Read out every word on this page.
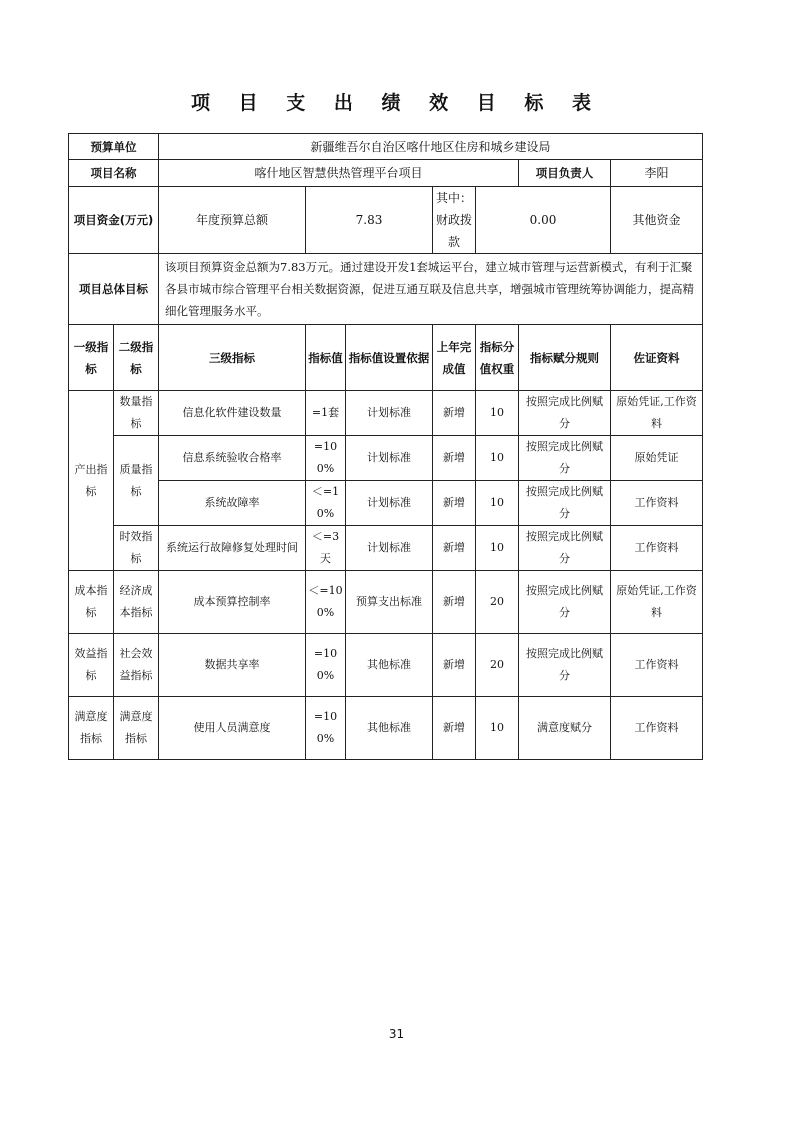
项 目 支 出 绩 效 目 标 表
预算单位		新疆维吾尔自治区喀什地区住房和城乡建设局						
项目名称		喀什地区智慧供热管理平台项目					项目负责人	李阳
项目资金(万元)		年度预算总额	7.83		其中：财政拨款	0.00		其他资金
项目总体目标		该项目预算资金总额为7.83万元。通过建设开发1套城运平台，建立城市管理与运营新模式，有利于汇聚各县市城市综合管理平台相关数据资源，促进互通互联及信息共享，增强城市管理统筹协调能力，提高精细化管理服务水平。						
一级指标	二级指标	三级指标	指标值	指标值设置依据	上年完成值	指标分值权重	指标赋分规则	佐证资料
产出指标	数量指标	信息化软件建设数量	=1套	计划标准	新增	10	按照完成比例赋分	原始凭证,工作资料
	质量指标	信息系统验收合格率	=100%	计划标准	新增	10	按照完成比例赋分	原始凭证
		系统故障率	＜=10%	计划标准	新增	10	按照完成比例赋分	工作资料
	时效指标	系统运行故障修复处理时间	＜=3天	计划标准	新增	10	按照完成比例赋分	工作资料
成本指标	经济成本指标	成本预算控制率	＜=100%	预算支出标准	新增	20	按照完成比例赋分	原始凭证,工作资料
效益指标	社会效益指标	数据共享率	=100%	其他标准	新增	20	按照完成比例赋分	工作资料
满意度指标	满意度指标	使用人员满意度	=100%	其他标准	新增	10	满意度赋分	工作资料
31
